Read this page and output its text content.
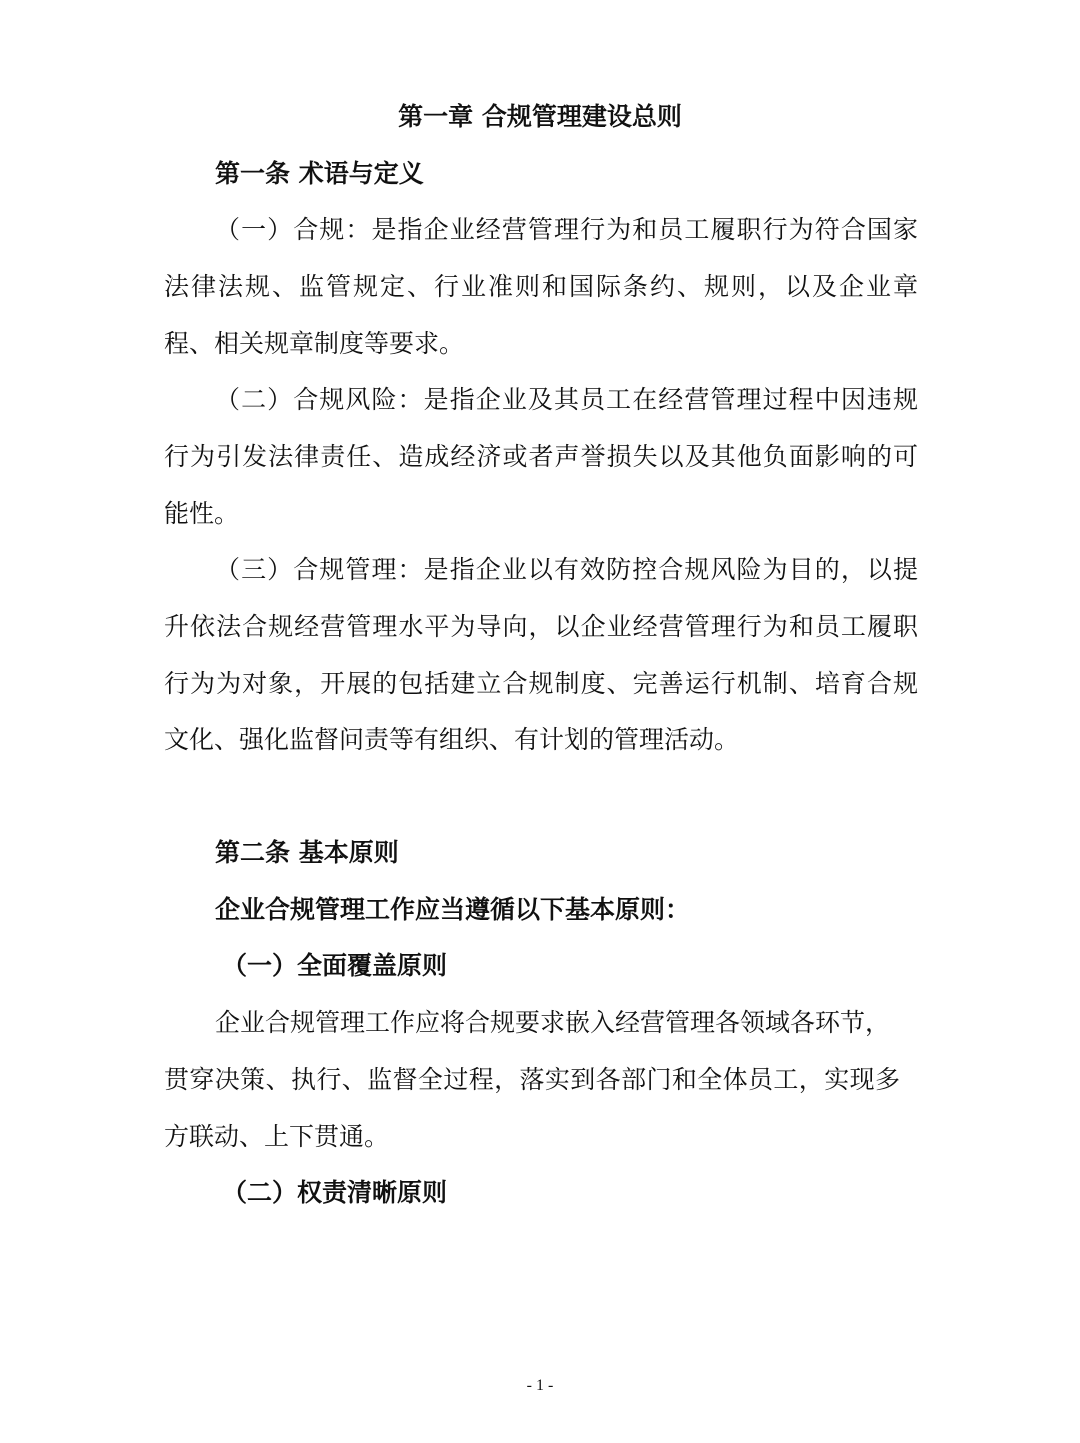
第一章 合规管理建设总则
第一条 术语与定义
（一）合规：是指企业经营管理行为和员工履职行为符合国家
法律法规、监管规定、行业准则和国际条约、规则，以及企业章
程、相关规章制度等要求。
（二）合规风险：是指企业及其员工在经营管理过程中因违规
行为引发法律责任、造成经济或者声誉损失以及其他负面影响的可
能性。
（三）合规管理：是指企业以有效防控合规风险为目的，以提
升依法合规经营管理水平为导向，以企业经营管理行为和员工履职
行为为对象，开展的包括建立合规制度、完善运行机制、培育合规
文化、强化监督问责等有组织、有计划的管理活动。
第二条 基本原则
企业合规管理工作应当遵循以下基本原则：
（一）全面覆盖原则
企业合规管理工作应将合规要求嵌入经营管理各领域各环节，
贯穿决策、执行、监督全过程，落实到各部门和全体员工，实现多
方联动、上下贯通。
（二）权责清晰原则
- 1 -
